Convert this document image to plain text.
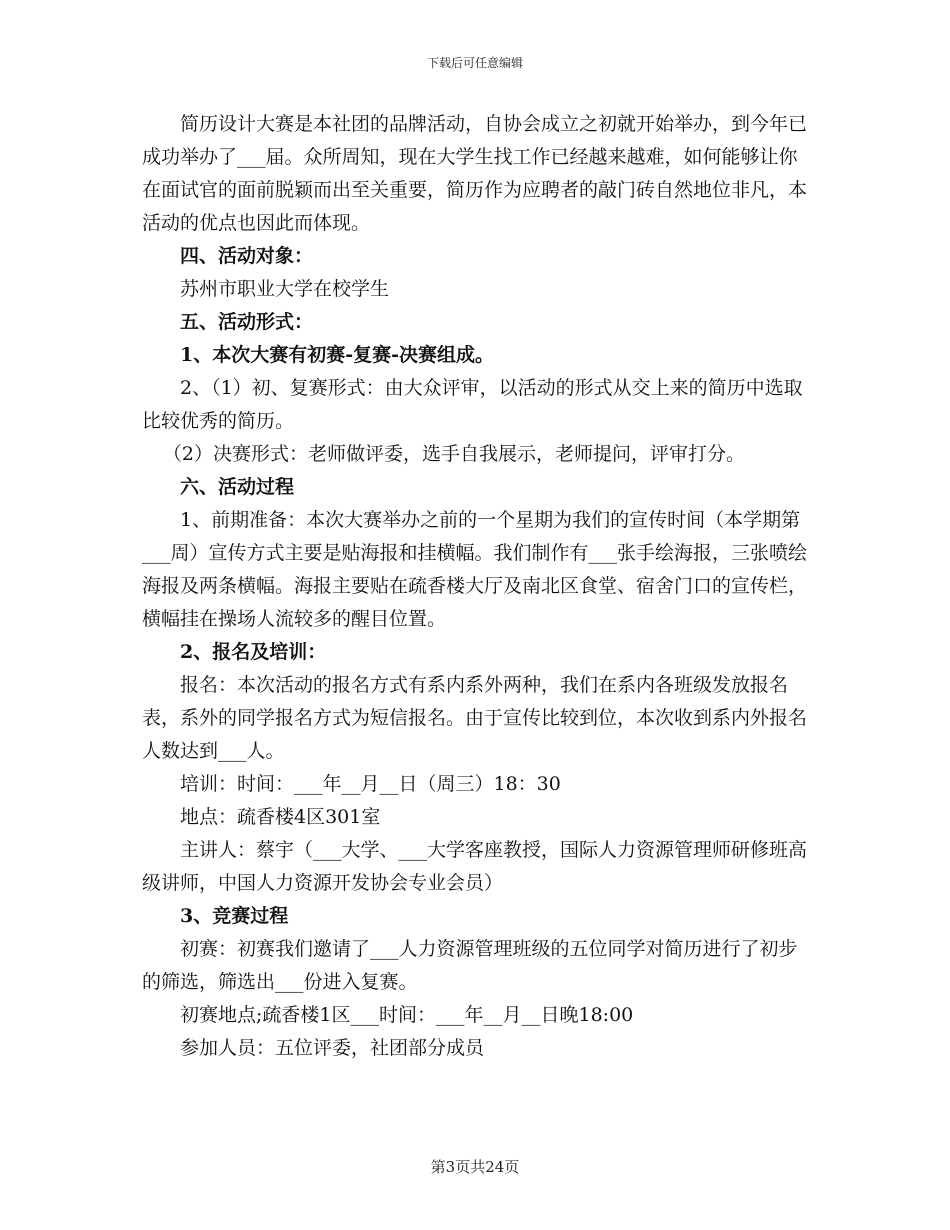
下载后可任意编辑

简历设计大赛是本社团的品牌活动，自协会成立之初就开始举办，到今年已成功举办了___届。众所周知，现在大学生找工作已经越来越难，如何能够让你在面试官的面前脱颖而出至关重要，简历作为应聘者的敲门砖自然地位非凡，本活动的优点也因此而体现。

四、活动对象：

苏州市职业大学在校学生

五、活动形式：

1、本次大赛有初赛-复赛-决赛组成。

2、（1）初、复赛形式：由大众评审，以活动的形式从交上来的简历中选取比较优秀的简历。

（2）决赛形式：老师做评委，选手自我展示，老师提问，评审打分。

六、活动过程

1、前期准备：本次大赛举办之前的一个星期为我们的宣传时间（本学期第___周）宣传方式主要是贴海报和挂横幅。我们制作有___张手绘海报，三张喷绘海报及两条横幅。海报主要贴在疏香楼大厅及南北区食堂、宿舍门口的宣传栏，横幅挂在操场人流较多的醒目位置。

2、报名及培训：

报名：本次活动的报名方式有系内系外两种，我们在系内各班级发放报名表，系外的同学报名方式为短信报名。由于宣传比较到位，本次收到系内外报名人数达到___人。

培训：时间：___年__月__日（周三）18：30

地点：疏香楼4区301室

主讲人：蔡宇（___大学、___大学客座教授，国际人力资源管理师研修班高级讲师，中国人力资源开发协会专业会员）

3、竞赛过程

初赛：初赛我们邀请了___人力资源管理班级的五位同学对简历进行了初步的筛选，筛选出___份进入复赛。

初赛地点;疏香楼1区___时间：___年__月__日晚18:00

参加人员：五位评委，社团部分成员

第3页共24页
